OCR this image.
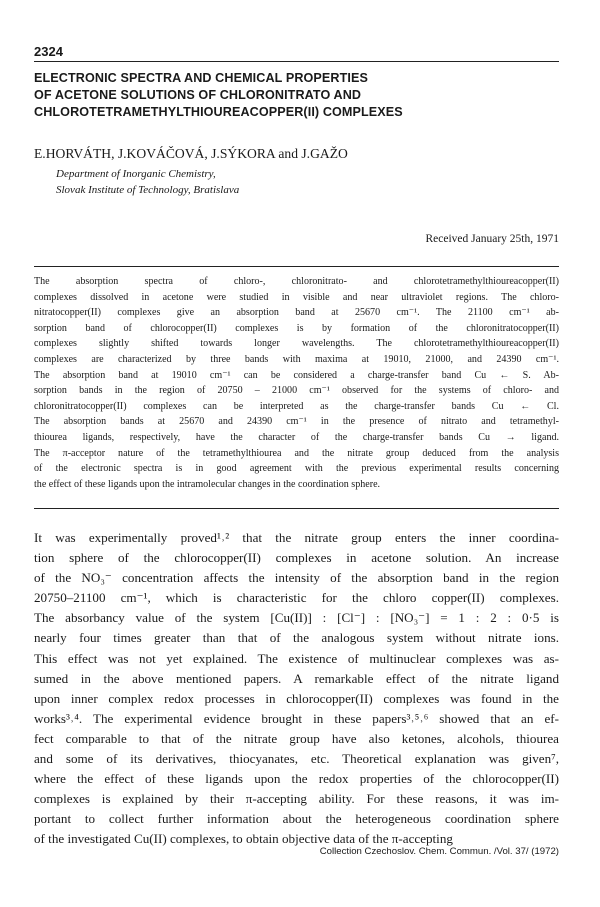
2324
ELECTRONIC SPECTRA AND CHEMICAL PROPERTIES
OF ACETONE SOLUTIONS OF CHLORONITRATO AND
CHLOROTETRAMETHYLTHIOUREACOPPER(II) COMPLEXES
E.HORVÁTH, J.KOVÁČOVÁ, J.SÝKORA and J.GAŽO
Department of Inorganic Chemistry,
Slovak Institute of Technology, Bratislava
Received January 25th, 1971
The absorption spectra of chloro-, chloronitrato- and chlorotetramethylthioureacopper(II)
complexes dissolved in acetone were studied in visible and near ultraviolet regions. The chloro-
nitratocopper(II) complexes give an absorption band at 25670 cm⁻¹. The 21100 cm⁻¹ ab-
sorption band of chlorocopper(II) complexes is by formation of the chloronitratocopper(II)
complexes slightly shifted towards longer wavelengths. The chlorotetramethylthioureacopper(II)
complexes are characterized by three bands with maxima at 19010, 21000, and 24390 cm⁻¹.
The absorption band at 19010 cm⁻¹ can be considered a charge-transfer band Cu ← S. Ab-
sorption bands in the region of 20750 – 21000 cm⁻¹ observed for the systems of chloro- and
chloronitratocopper(II) complexes can be interpreted as the charge-transfer bands Cu ← Cl.
The absorption bands at 25670 and 24390 cm⁻¹ in the presence of nitrato and tetramethyl-
thiourea ligands, respectively, have the character of the charge-transfer bands Cu → ligand.
The π-acceptor nature of the tetramethylthiourea and the nitrate group deduced from the analysis
of the electronic spectra is in good agreement with the previous experimental results concerning
the effect of these ligands upon the intramolecular changes in the coordination sphere.
It was experimentally proved¹˒² that the nitrate group enters the inner coordina-
tion sphere of the chlorocopper(II) complexes in acetone solution. An increase
of the NO₃⁻ concentration affects the intensity of the absorption band in the region
20750–21100 cm⁻¹, which is characteristic for the chloro copper(II) complexes.
The absorbancy value of the system [Cu(II)] : [Cl⁻] : [NO₃⁻] = 1 : 2 : 0·5 is
nearly four times greater than that of the analogous system without nitrate ions.
This effect was not yet explained. The existence of multinuclear complexes was as-
sumed in the above mentioned papers. A remarkable effect of the nitrate ligand
upon inner complex redox processes in chlorocopper(II) complexes was found in the
works³˒⁴. The experimental evidence brought in these papers³˒⁵˒⁶ showed that an ef-
fect comparable to that of the nitrate group have also ketones, alcohols, thiourea
and some of its derivatives, thiocyanates, etc. Theoretical explanation was given⁷,
where the effect of these ligands upon the redox properties of the chlorocopper(II)
complexes is explained by their π-accepting ability. For these reasons, it was im-
portant to collect further information about the heterogeneous coordination sphere
of the investigated Cu(II) complexes, to obtain objective data of the π-accepting
Collection Czechoslov. Chem. Commun. /Vol. 37/ (1972)
